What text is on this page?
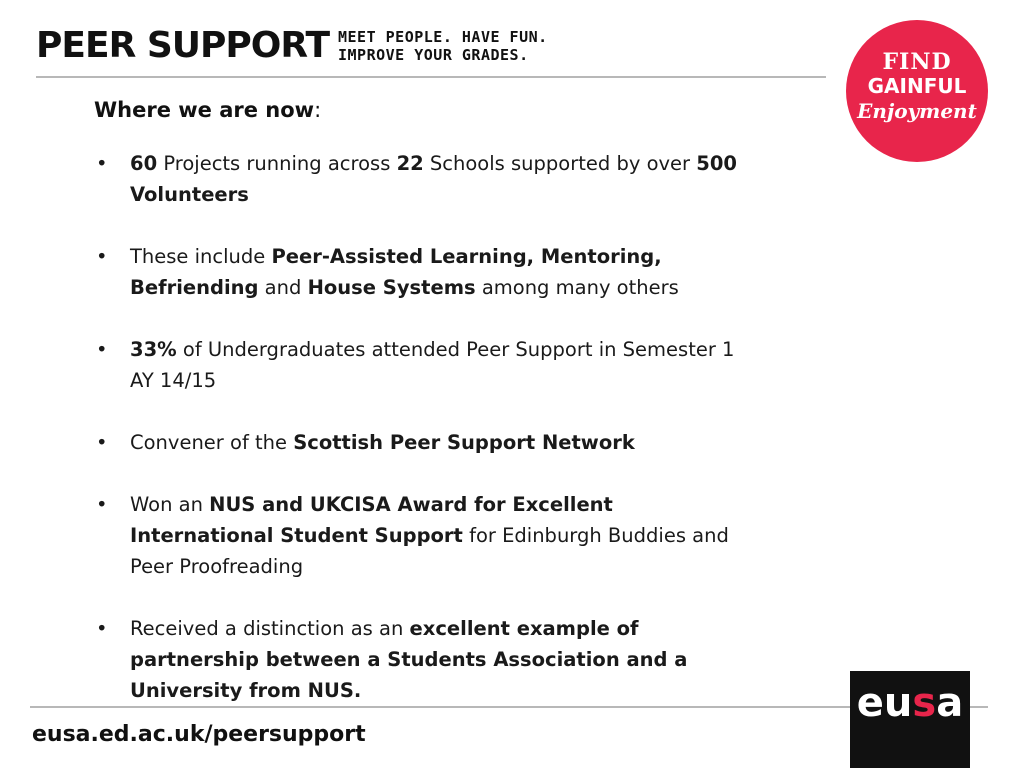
PEER SUPPORT MEET PEOPLE. HAVE FUN.
IMPROVE YOUR GRADES.	FIND
GAINFUL
Enjoyment
Where we are now:
• 60 Projects running across 22 Schools supported by over 500 Volunteers
• These include Peer-Assisted Learning, Mentoring, Befriending and House Systems among many others
• 33% of Undergraduates attended Peer Support in Semester 1 AY 14/15
• Convener of the Scottish Peer Support Network
• Won an NUS and UKCISA Award for Excellent International Student Support for Edinburgh Buddies and Peer Proofreading
• Received a distinction as an excellent example of partnership between a Students Association and a University from NUS.
eusa.ed.ac.uk/peersupport
eusa
